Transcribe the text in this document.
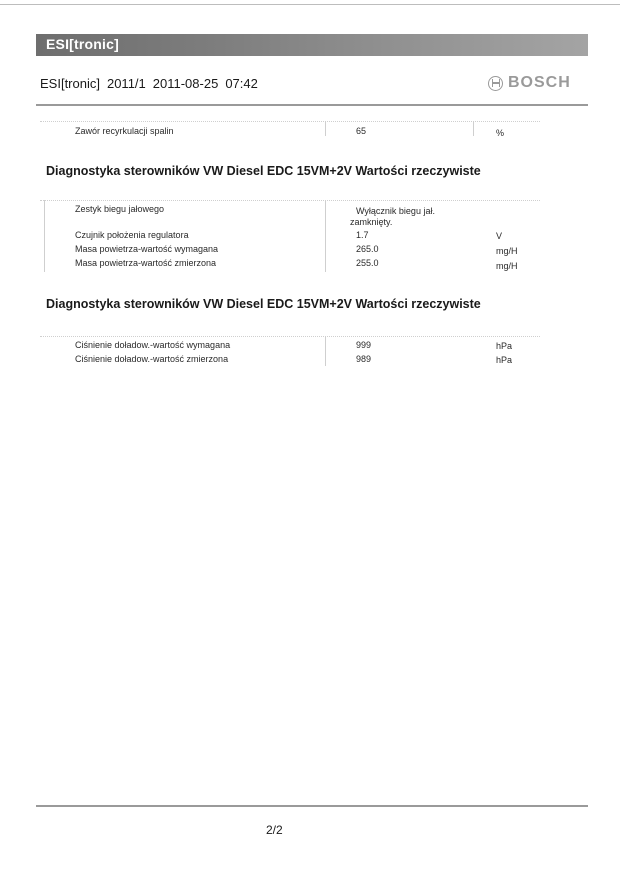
ESI[tronic]
ESI[tronic] 2011/1 2011-08-25 07:42	BOSCH
Zawór recyrkulacji spalin	65	%
Diagnostyka sterowników VW Diesel EDC 15VM+2V Wartości rzeczywiste
Zestyk biegu jałowego	Wyłącznik biegu jał.
zamknięty.
Czujnik położenia regulatora	1.7	V
Masa powietrza-wartość wymagana	265.0	mg/H
Masa powietrza-wartość zmierzona	255.0	mg/H
Diagnostyka sterowników VW Diesel EDC 15VM+2V Wartości rzeczywiste
Ciśnienie doładow.-wartość wymagana	999	hPa
Ciśnienie doładow.-wartość zmierzona	989	hPa
2/2
